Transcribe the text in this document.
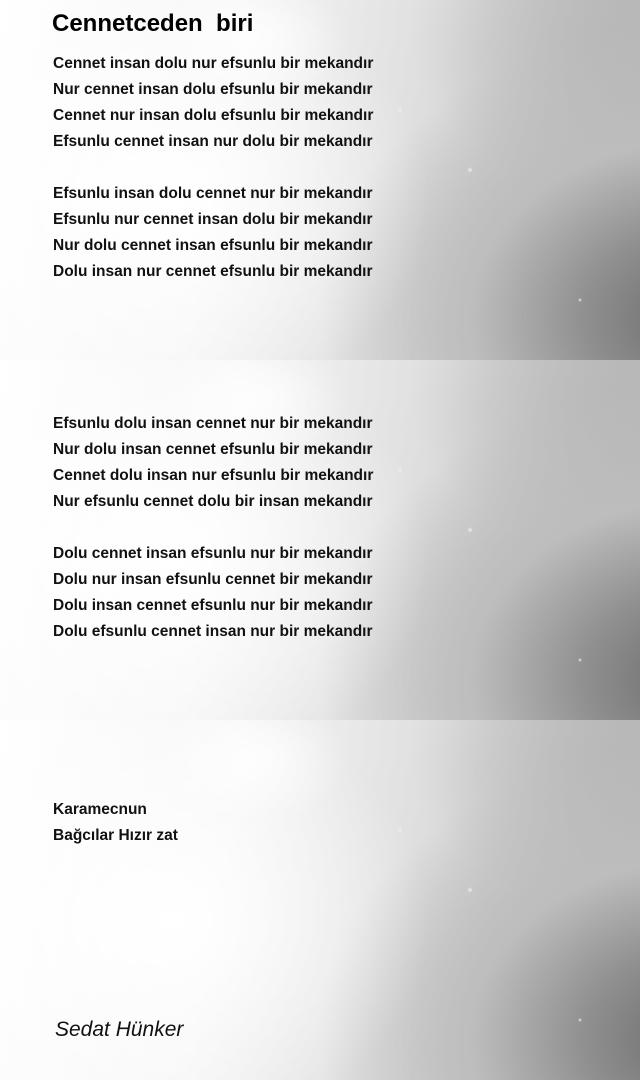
Cennetceden  biri
Cennet insan dolu nur efsunlu bir mekandır
Nur cennet insan dolu efsunlu bir mekandır
Cennet nur insan dolu efsunlu bir mekandır
Efsunlu cennet insan nur dolu bir mekandır
Efsunlu insan dolu cennet nur bir mekandır
Efsunlu nur cennet insan dolu bir mekandır
Nur dolu cennet insan efsunlu bir mekandır
Dolu insan nur cennet efsunlu bir mekandır
Efsunlu dolu insan cennet nur bir mekandır
Nur dolu insan cennet efsunlu bir mekandır
Cennet dolu insan nur efsunlu bir mekandır
Nur efsunlu cennet dolu bir insan mekandır
Dolu cennet insan efsunlu nur bir mekandır
Dolu nur insan efsunlu cennet bir mekandır
Dolu insan cennet efsunlu nur bir mekandır
Dolu efsunlu cennet insan nur bir mekandır
Karamecnun
Bağcılar Hızır zat

Sedat Hünker
